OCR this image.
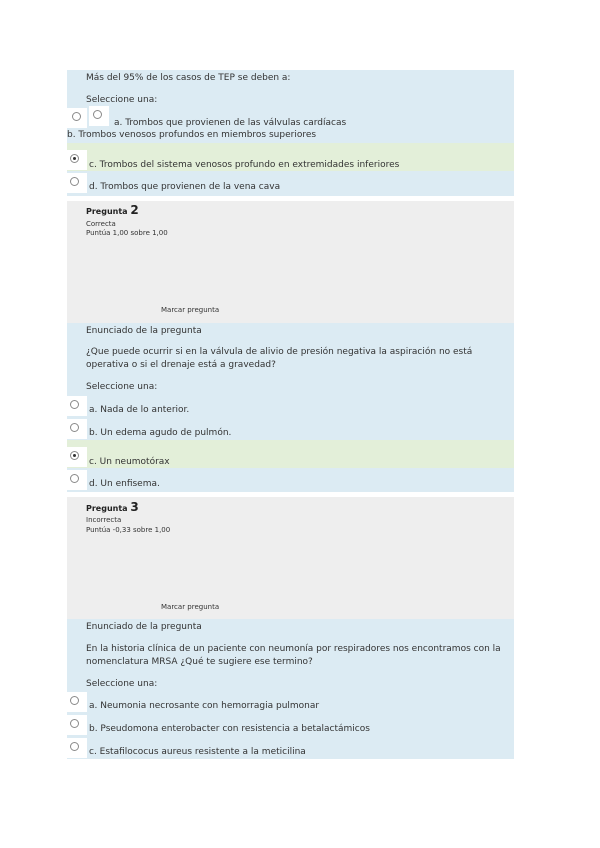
Más del 95% de los casos de TEP se deben a:
Seleccione una:
a. Trombos que provienen de las válvulas cardíacas
b. Trombos venosos profundos en miembros superiores
c. Trombos del sistema venosos profundo en extremidades inferiores
d. Trombos que provienen de la vena cava
Pregunta 2
Correcta
Puntúa 1,00 sobre 1,00
Marcar pregunta
Enunciado de la pregunta
¿Que puede ocurrir si en la válvula de alivio de presión negativa la aspiración no está operativa o si el drenaje está a gravedad?
Seleccione una:
a. Nada de lo anterior.
b. Un edema agudo de pulmón.
c. Un neumotórax
d. Un enfisema.
Pregunta 3
Incorrecta
Puntúa -0,33 sobre 1,00
Marcar pregunta
Enunciado de la pregunta
En la historia clínica de un paciente con neumonía por respiradores nos encontramos con la nomenclatura MRSA ¿Qué te sugiere ese termino?
Seleccione una:
a. Neumonia necrosante con hemorragia pulmonar
b. Pseudomona enterobacter con resistencia a betalactámicos
c. Estafilococus aureus resistente a la meticilina
